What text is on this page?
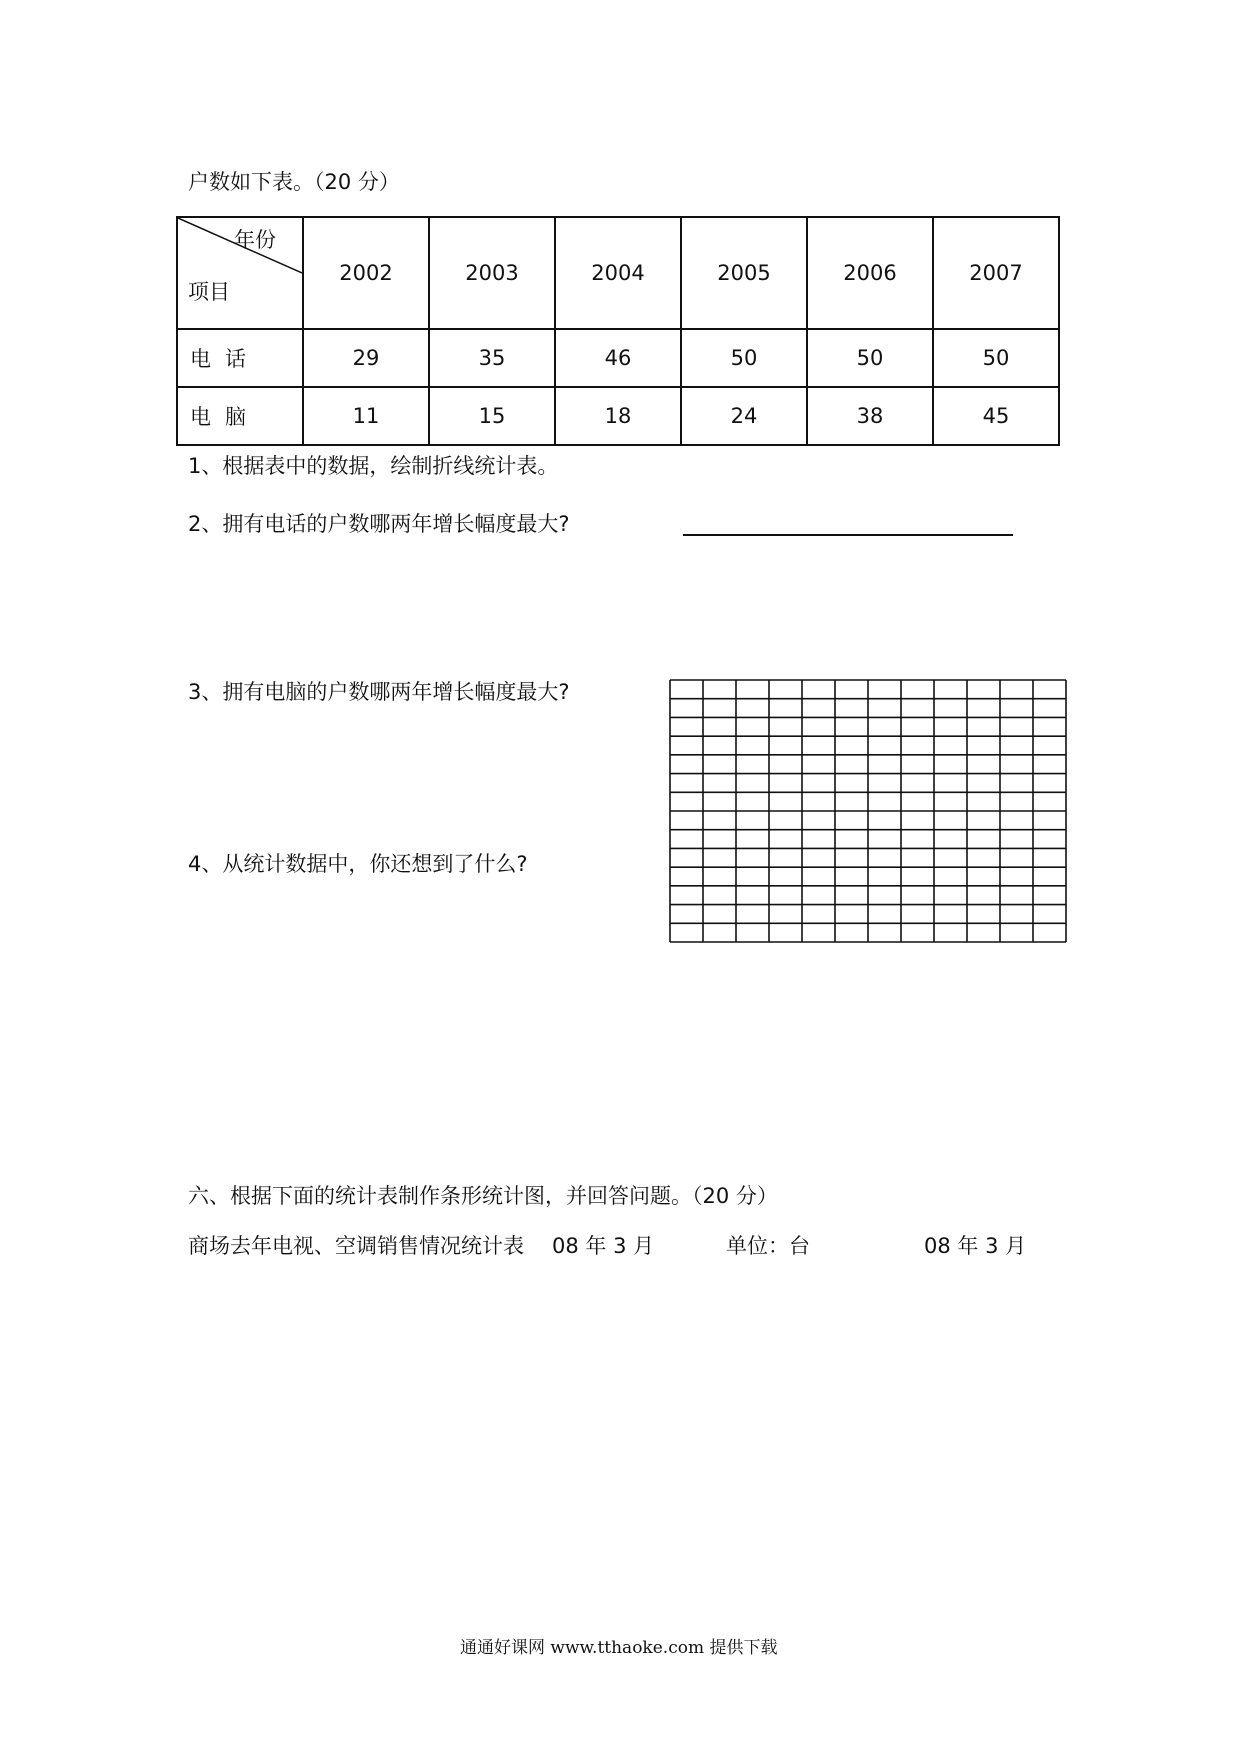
户数如下表。（20 分）
年份
项目	2002	2003	2004	2005	2006	2007
电话	29	35	46	50	50	50
电脑	11	15	18	24	38	45
1、根据表中的数据，绘制折线统计表。
2、拥有电话的户数哪两年增长幅度最大?
3、拥有电脑的户数哪两年增长幅度最大?
4、从统计数据中，你还想到了什么?
六、根据下面的统计表制作条形统计图，并回答问题。（20 分）
商场去年电视、空调销售情况统计表 08 年 3 月	单位：台	08 年 3 月
通通好课网 www.tthaoke.com 提供下载
